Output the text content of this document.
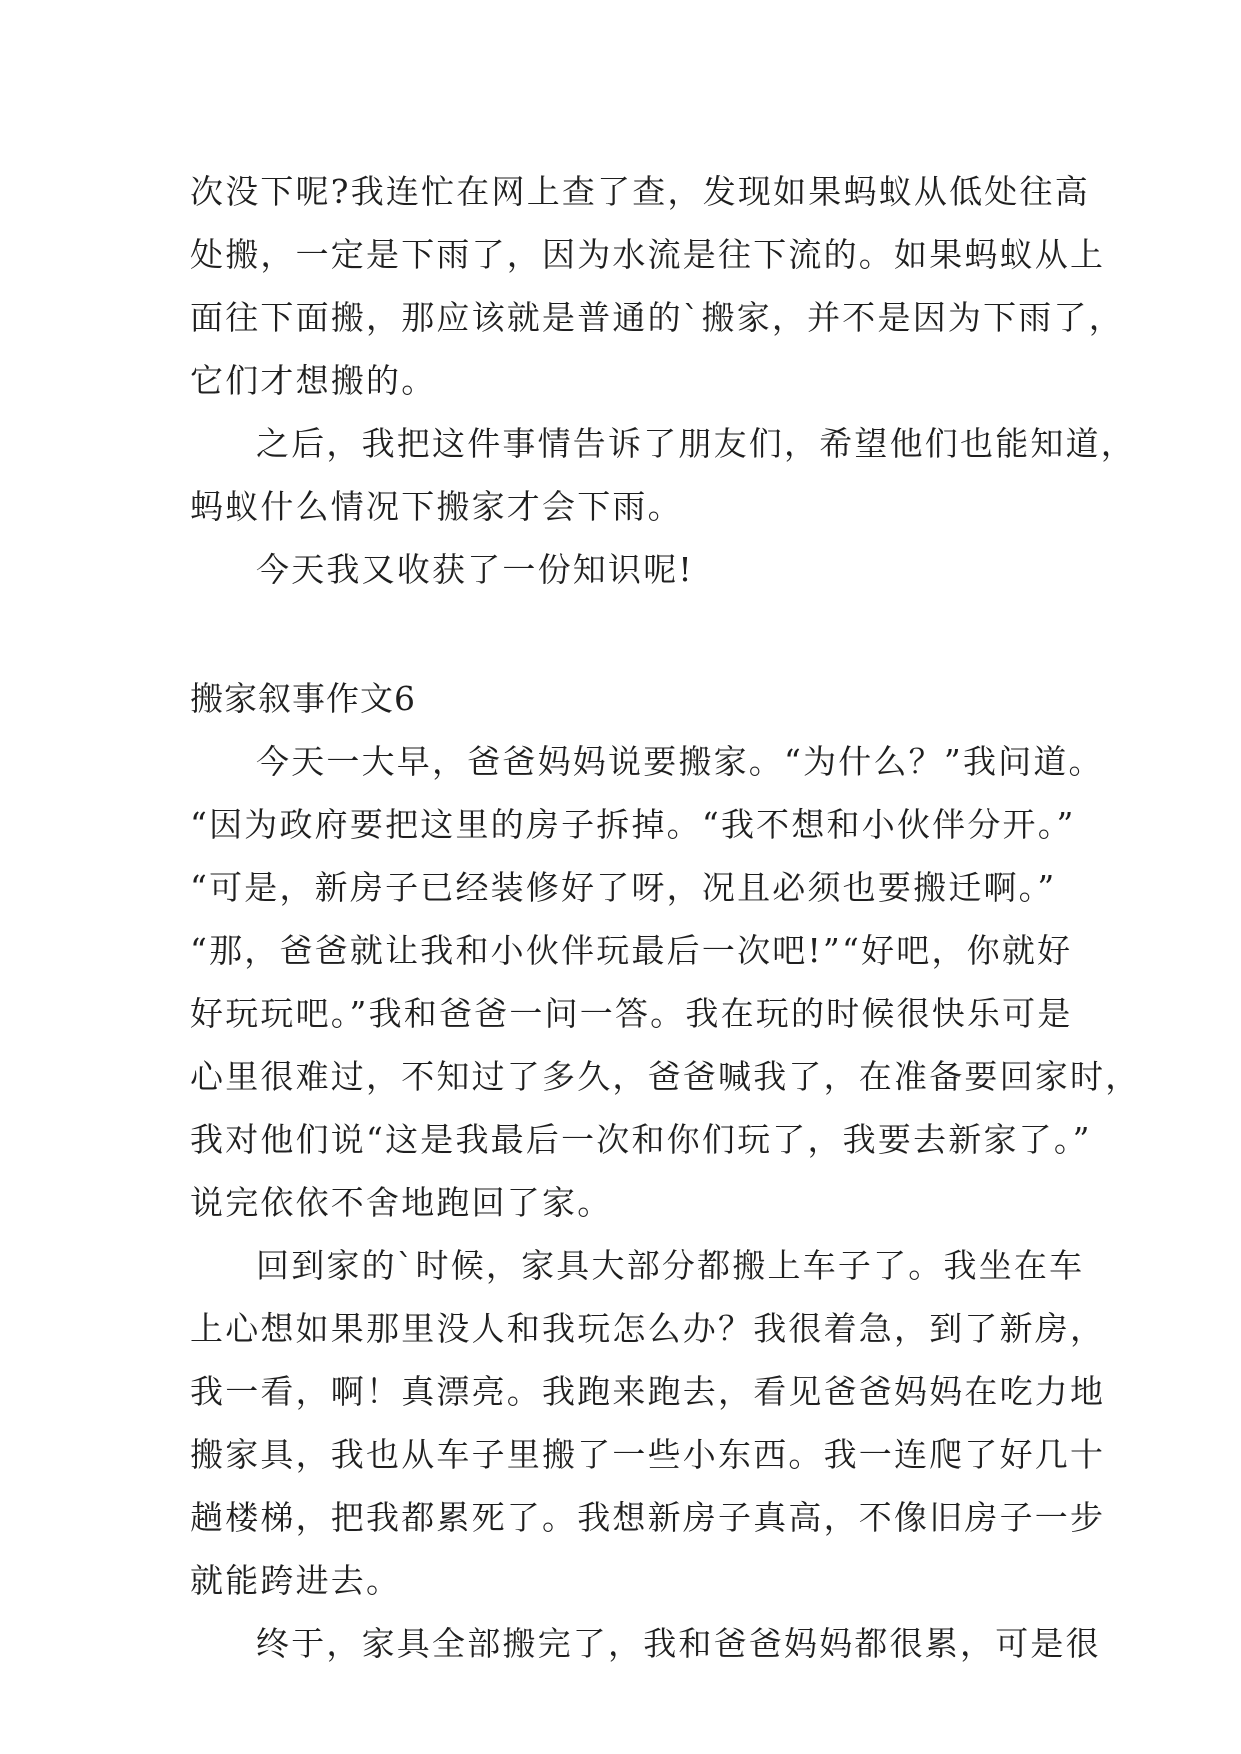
次没下呢?我连忙在网上查了查，发现如果蚂蚁从低处往高
处搬，一定是下雨了，因为水流是往下流的。如果蚂蚁从上
面往下面搬，那应该就是普通的`搬家，并不是因为下雨了，
它们才想搬的。
之后，我把这件事情告诉了朋友们，希望他们也能知道，
蚂蚁什么情况下搬家才会下雨。
今天我又收获了一份知识呢!
搬家叙事作文6
今天一大早，爸爸妈妈说要搬家。“为什么？”我问道。
“因为政府要把这里的房子拆掉。“我不想和小伙伴分开。”
“可是，新房子已经装修好了呀，况且必须也要搬迁啊。”
“那，爸爸就让我和小伙伴玩最后一次吧!”“好吧，你就好
好玩玩吧。”我和爸爸一问一答。我在玩的时候很快乐可是
心里很难过，不知过了多久，爸爸喊我了，在准备要回家时，
我对他们说“这是我最后一次和你们玩了，我要去新家了。”
说完依依不舍地跑回了家。
回到家的`时候，家具大部分都搬上车子了。我坐在车
上心想如果那里没人和我玩怎么办？我很着急，到了新房，
我一看，啊！真漂亮。我跑来跑去，看见爸爸妈妈在吃力地
搬家具，我也从车子里搬了一些小东西。我一连爬了好几十
趟楼梯，把我都累死了。我想新房子真高，不像旧房子一步
就能跨进去。
终于，家具全部搬完了，我和爸爸妈妈都很累，可是很
